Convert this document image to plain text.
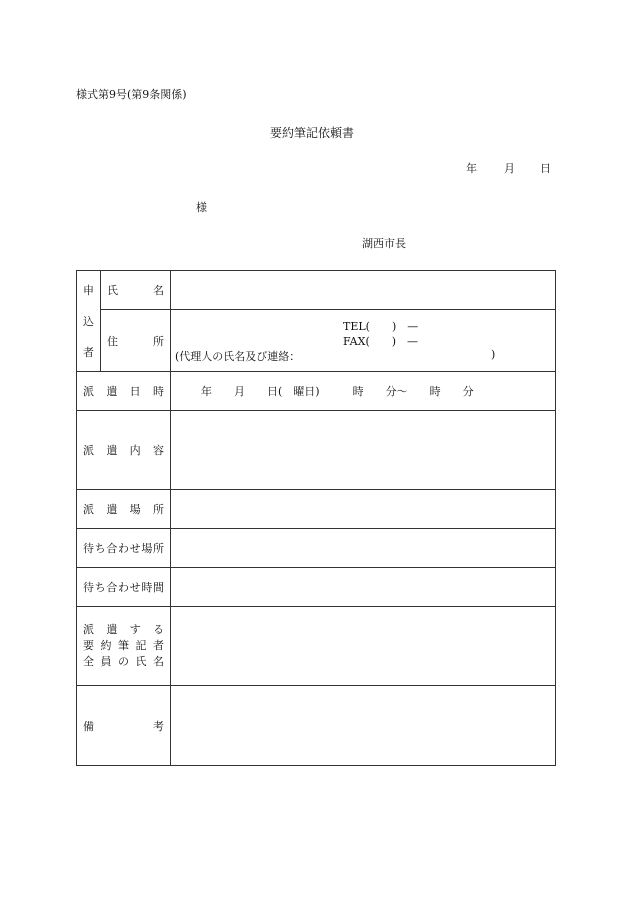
様式第9号(第9条関係)
要約筆記依頼書
年 月 日
様
湖西市長
申
込
者	氏　名	
	住　所	TEL(　　)　—
FAX(　　)　—
(代理人の氏名及び連絡： )

派遣日時		年　　月　　日(　曜日)　　　時　　分〜　　時　　分
派遣内容		
派遣場所		
待ち合わせ場所		
待ち合わせ時間		

派遣する
要約筆記者
全員の氏名		

備　考		
